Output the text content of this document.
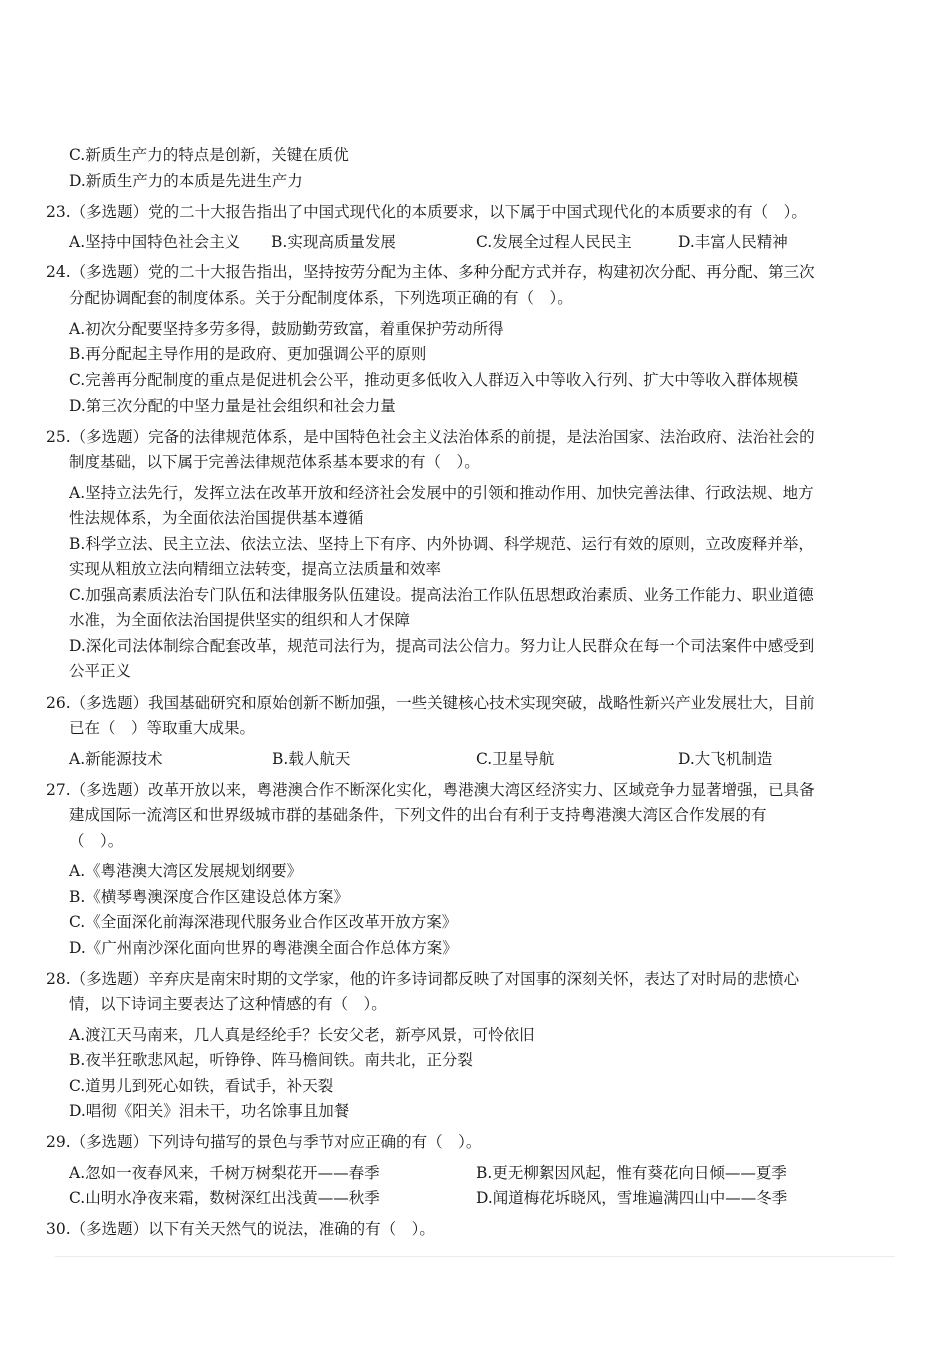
C.新质生产力的特点是创新，关键在质优
D.新质生产力的本质是先进生产力
23.（多选题）党的二十大报告指出了中国式现代化的本质要求，以下属于中国式现代化的本质要求的有（　）。
A.坚持中国特色社会主义 B.实现高质量发展	C.发展全过程人民民主	D.丰富人民精神
24.（多选题）党的二十大报告指出，坚持按劳分配为主体、多种分配方式并存，构建初次分配、再分配、第三次
分配协调配套的制度体系。关于分配制度体系，下列选项正确的有（　）。
A.初次分配要坚持多劳多得，鼓励勤劳致富，着重保护劳动所得
B.再分配起主导作用的是政府、更加强调公平的原则
C.完善再分配制度的重点是促进机会公平，推动更多低收入人群迈入中等收入行列、扩大中等收入群体规模
D.第三次分配的中坚力量是社会组织和社会力量
25.（多选题）完备的法律规范体系，是中国特色社会主义法治体系的前提，是法治国家、法治政府、法治社会的
制度基础，以下属于完善法律规范体系基本要求的有（　）。
A.坚持立法先行，发挥立法在改革开放和经济社会发展中的引领和推动作用、加快完善法律、行政法规、地方
性法规体系，为全面依法治国提供基本遵循
B.科学立法、民主立法、依法立法、坚持上下有序、内外协调、科学规范、运行有效的原则，立改废释并举，
实现从粗放立法向精细立法转变，提高立法质量和效率
C.加强高素质法治专门队伍和法律服务队伍建设。提高法治工作队伍思想政治素质、业务工作能力、职业道德
水准，为全面依法治国提供坚实的组织和人才保障
D.深化司法体制综合配套改革，规范司法行为，提高司法公信力。努力让人民群众在每一个司法案件中感受到
公平正义
26.（多选题）我国基础研究和原始创新不断加强，一些关键核心技术实现突破，战略性新兴产业发展壮大，目前
已在（　）等取重大成果。
A.新能源技术	B.载人航天	C.卫星导航	D.大飞机制造
27.（多选题）改革开放以来，粤港澳合作不断深化实化，粤港澳大湾区经济实力、区域竞争力显著增强，已具备
建成国际一流湾区和世界级城市群的基础条件，下列文件的出台有利于支持粤港澳大湾区合作发展的有
（　）。
A.《粤港澳大湾区发展规划纲要》
B.《横琴粤澳深度合作区建设总体方案》
C.《全面深化前海深港现代服务业合作区改革开放方案》
D.《广州南沙深化面向世界的粤港澳全面合作总体方案》
28.（多选题）辛弃庆是南宋时期的文学家，他的许多诗词都反映了对国事的深刻关怀，表达了对时局的悲愤心
情，以下诗词主要表达了这种情感的有（　）。
A.渡江天马南来，几人真是经纶手？长安父老，新亭风景，可怜依旧
B.夜半狂歌悲风起，听铮铮、阵马檐间铁。南共北，正分裂
C.道男儿到死心如铁，看试手，补天裂
D.唱彻《阳关》泪未干，功名馀事且加餐
29.（多选题）下列诗句描写的景色与季节对应正确的有（　）。
A.忽如一夜春风来，千树万树梨花开——春季	B.更无柳絮因风起，惟有葵花向日倾——夏季
C.山明水净夜来霜，数树深红出浅黄——秋季	D.闻道梅花坼晓风，雪堆遍满四山中——冬季
30.（多选题）以下有关天然气的说法，准确的有（　）。
